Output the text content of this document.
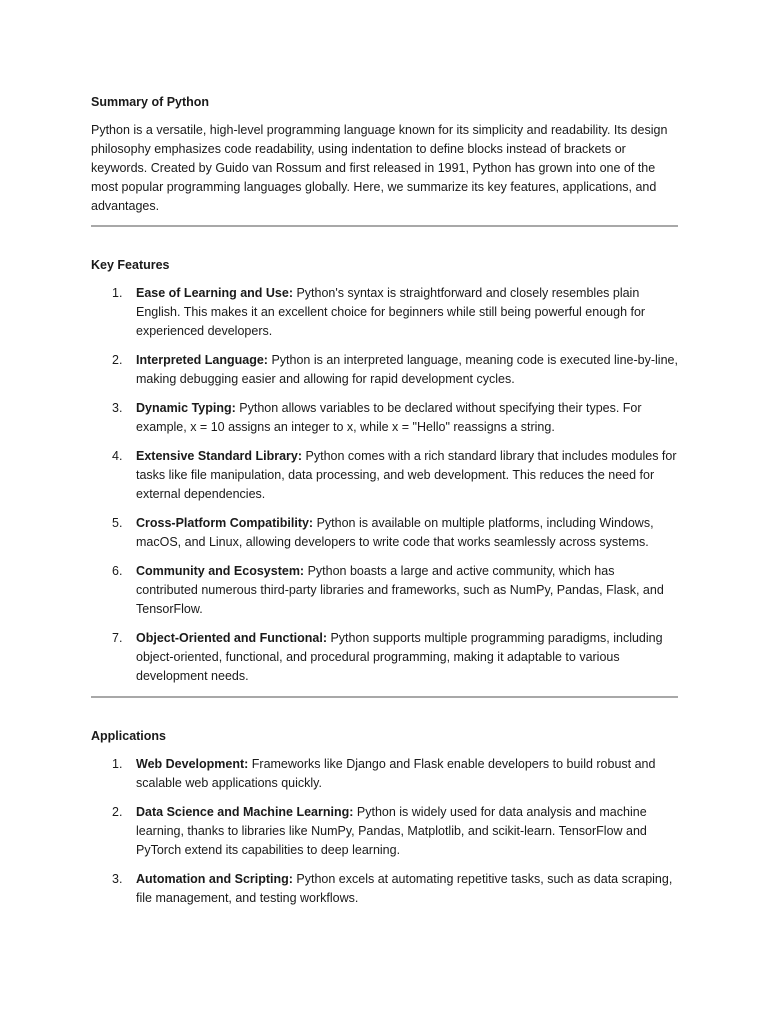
Summary of Python

Python is a versatile, high-level programming language known for its simplicity and readability. Its design philosophy emphasizes code readability, using indentation to define blocks instead of brackets or keywords. Created by Guido van Rossum and first released in 1991, Python has grown into one of the most popular programming languages globally. Here, we summarize its key features, applications, and advantages.

Key Features
1. Ease of Learning and Use: Python's syntax is straightforward and closely resembles plain English. This makes it an excellent choice for beginners while still being powerful enough for experienced developers.
2. Interpreted Language: Python is an interpreted language, meaning code is executed line-by-line, making debugging easier and allowing for rapid development cycles.
3. Dynamic Typing: Python allows variables to be declared without specifying their types. For example, x = 10 assigns an integer to x, while x = "Hello" reassigns a string.
4. Extensive Standard Library: Python comes with a rich standard library that includes modules for tasks like file manipulation, data processing, and web development. This reduces the need for external dependencies.
5. Cross-Platform Compatibility: Python is available on multiple platforms, including Windows, macOS, and Linux, allowing developers to write code that works seamlessly across systems.
6. Community and Ecosystem: Python boasts a large and active community, which has contributed numerous third-party libraries and frameworks, such as NumPy, Pandas, Flask, and TensorFlow.
7. Object-Oriented and Functional: Python supports multiple programming paradigms, including object-oriented, functional, and procedural programming, making it adaptable to various development needs.
Applications
1. Web Development: Frameworks like Django and Flask enable developers to build robust and scalable web applications quickly.
2. Data Science and Machine Learning: Python is widely used for data analysis and machine learning, thanks to libraries like NumPy, Pandas, Matplotlib, and scikit-learn. TensorFlow and PyTorch extend its capabilities to deep learning.
3. Automation and Scripting: Python excels at automating repetitive tasks, such as data scraping, file management, and testing workflows.
